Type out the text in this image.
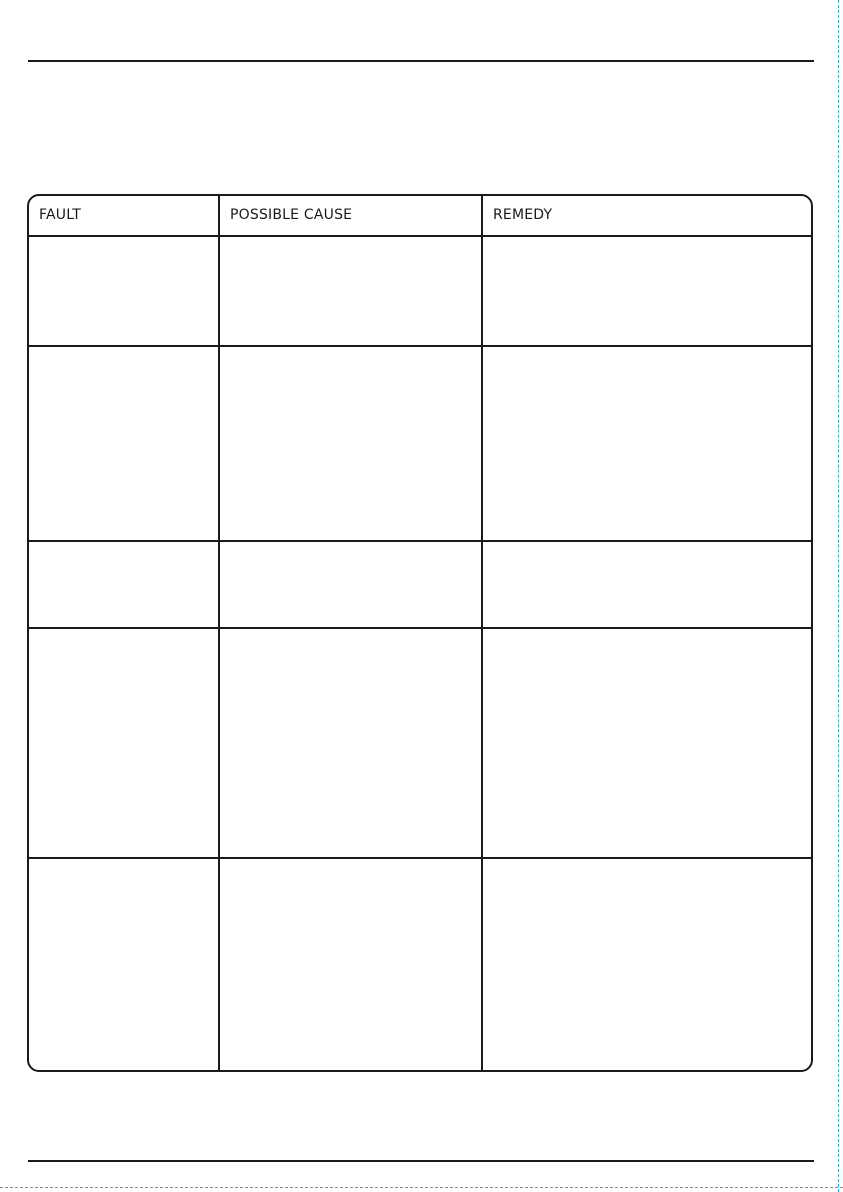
FAULT	POSSIBLE CAUSE	REMEDY
